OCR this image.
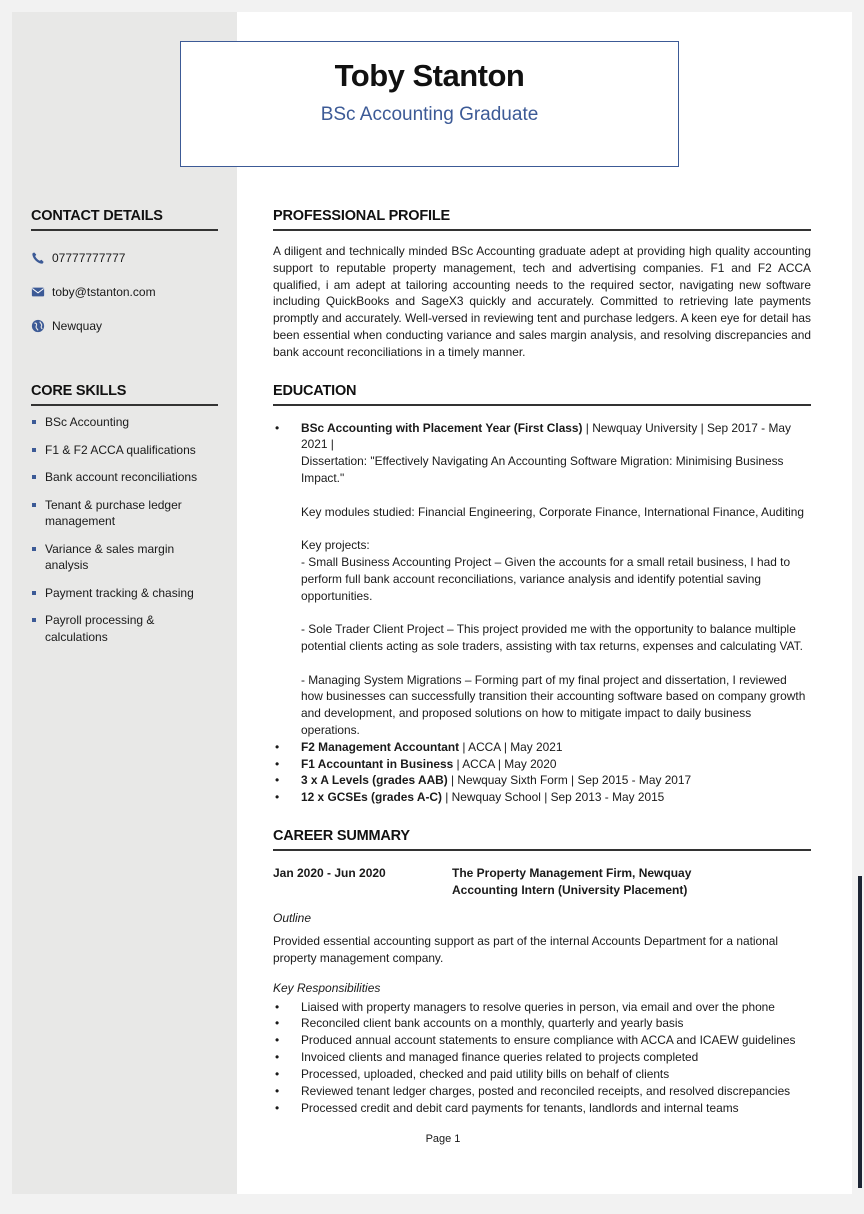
Toby Stanton
BSc Accounting Graduate
CONTACT DETAILS
07777777777
toby@tstanton.com
Newquay
CORE SKILLS
BSc Accounting
F1 & F2 ACCA qualifications
Bank account reconciliations
Tenant & purchase ledger management
Variance & sales margin analysis
Payment tracking & chasing
Payroll processing & calculations
PROFESSIONAL PROFILE
A diligent and technically minded BSc Accounting graduate adept at providing high quality accounting support to reputable property management, tech and advertising companies. F1 and F2 ACCA qualified, i am adept at tailoring accounting needs to the required sector, navigating new software including QuickBooks and SageX3 quickly and accurately. Committed to retrieving late payments promptly and accurately. Well-versed in reviewing tent and purchase ledgers. A keen eye for detail has been essential when conducting variance and sales margin analysis, and resolving discrepancies and bank account reconciliations in a timely manner.
EDUCATION
• BSc Accounting with Placement Year (First Class) | Newquay University | Sep 2017 - May 2021 |
Dissertation: "Effectively Navigating An Accounting Software Migration: Minimising Business Impact."
Key modules studied: Financial Engineering, Corporate Finance, International Finance, Auditing
Key projects:
- Small Business Accounting Project – Given the accounts for a small retail business, I had to perform full bank account reconciliations, variance analysis and identify potential saving opportunities.
- Sole Trader Client Project – This project provided me with the opportunity to balance multiple potential clients acting as sole traders, assisting with tax returns, expenses and calculating VAT.
- Managing System Migrations – Forming part of my final project and dissertation, I reviewed how businesses can successfully transition their accounting software based on company growth and development, and proposed solutions on how to mitigate impact to daily business operations.
• F2 Management Accountant | ACCA | May 2021
• F1 Accountant in Business | ACCA | May 2020
• 3 x A Levels (grades AAB) | Newquay Sixth Form | Sep 2015 - May 2017
• 12 x GCSEs (grades A-C) | Newquay School | Sep 2013 - May 2015
CAREER SUMMARY
Jan 2020 - Jun 2020	The Property Management Firm, Newquay
Accounting Intern (University Placement)
Outline
Provided essential accounting support as part of the internal Accounts Department for a national property management company.
Key Responsibilities
• Liaised with property managers to resolve queries in person, via email and over the phone
• Reconciled client bank accounts on a monthly, quarterly and yearly basis
• Produced annual account statements to ensure compliance with ACCA and ICAEW guidelines
• Invoiced clients and managed finance queries related to projects completed
• Processed, uploaded, checked and paid utility bills on behalf of clients
• Reviewed tenant ledger charges, posted and reconciled receipts, and resolved discrepancies
• Processed credit and debit card payments for tenants, landlords and internal teams
Page 1
